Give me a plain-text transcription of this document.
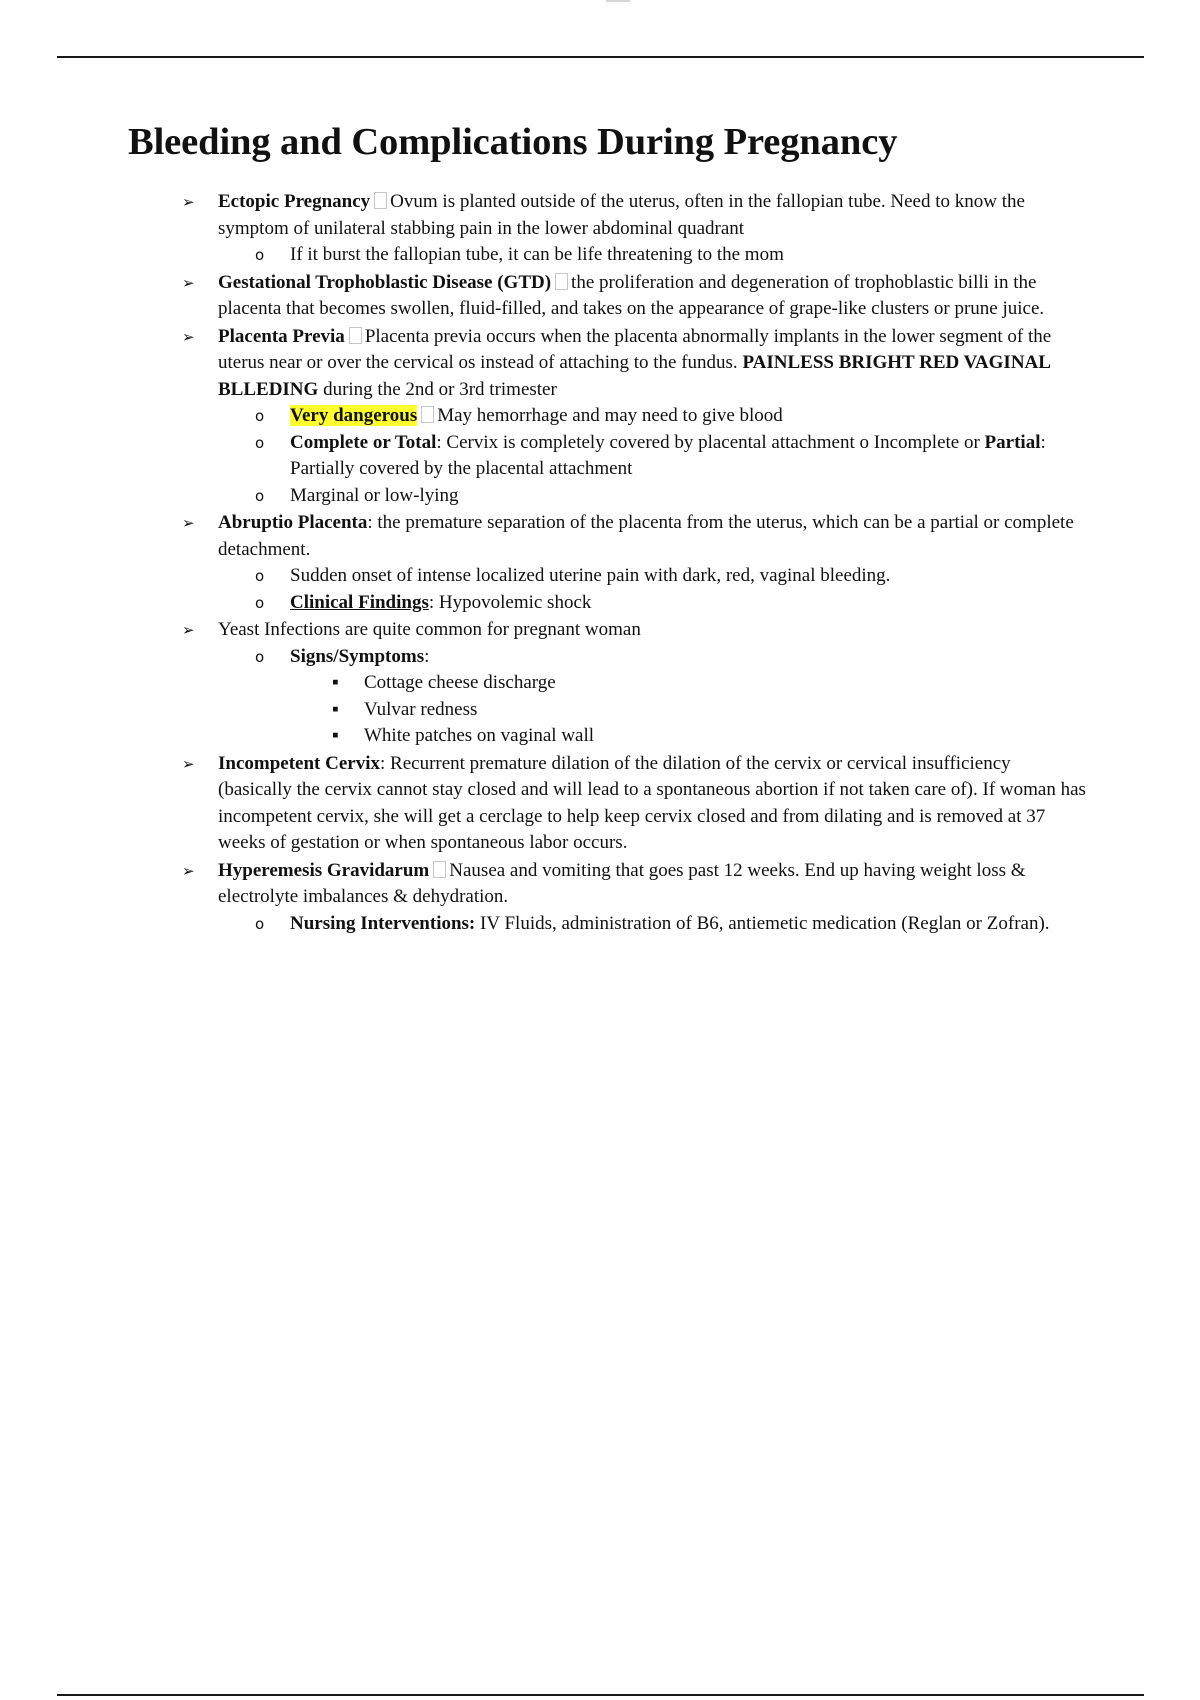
Bleeding and Complications During Pregnancy
➢ Ectopic Pregnancy Ovum is planted outside of the uterus, often in the fallopian tube. Need to know the symptom of unilateral stabbing pain in the lower abdominal quadrant
o If it burst the fallopian tube, it can be life threatening to the mom
➢ Gestational Trophoblastic Disease (GTD) the proliferation and degeneration of trophoblastic billi in the placenta that becomes swollen, fluid-filled, and takes on the appearance of grape-like clusters or prune juice.
➢ Placenta Previa Placenta previa occurs when the placenta abnormally implants in the lower segment of the uterus near or over the cervical os instead of attaching to the fundus. PAINLESS BRIGHT RED VAGINAL BLLEDING during the 2nd or 3rd trimester
o Very dangerous May hemorrhage and may need to give blood
o Complete or Total: Cervix is completely covered by placental attachment o Incomplete or Partial: Partially covered by the placental attachment
o Marginal or low-lying
➢ Abruptio Placenta: the premature separation of the placenta from the uterus, which can be a partial or complete detachment.
o Sudden onset of intense localized uterine pain with dark, red, vaginal bleeding.
o Clinical Findings: Hypovolemic shock
➢ Yeast Infections are quite common for pregnant woman
o Signs/Symptoms:
▪ Cottage cheese discharge
▪ Vulvar redness
▪ White patches on vaginal wall
➢ Incompetent Cervix: Recurrent premature dilation of the dilation of the cervix or cervical insufficiency (basically the cervix cannot stay closed and will lead to a spontaneous abortion if not taken care of). If woman has incompetent cervix, she will get a cerclage to help keep cervix closed and from dilating and is removed at 37 weeks of gestation or when spontaneous labor occurs.
➢ Hyperemesis Gravidarum Nausea and vomiting that goes past 12 weeks. End up having weight loss & electrolyte imbalances & dehydration.
o Nursing Interventions: IV Fluids, administration of B6, antiemetic medication (Reglan or Zofran).
